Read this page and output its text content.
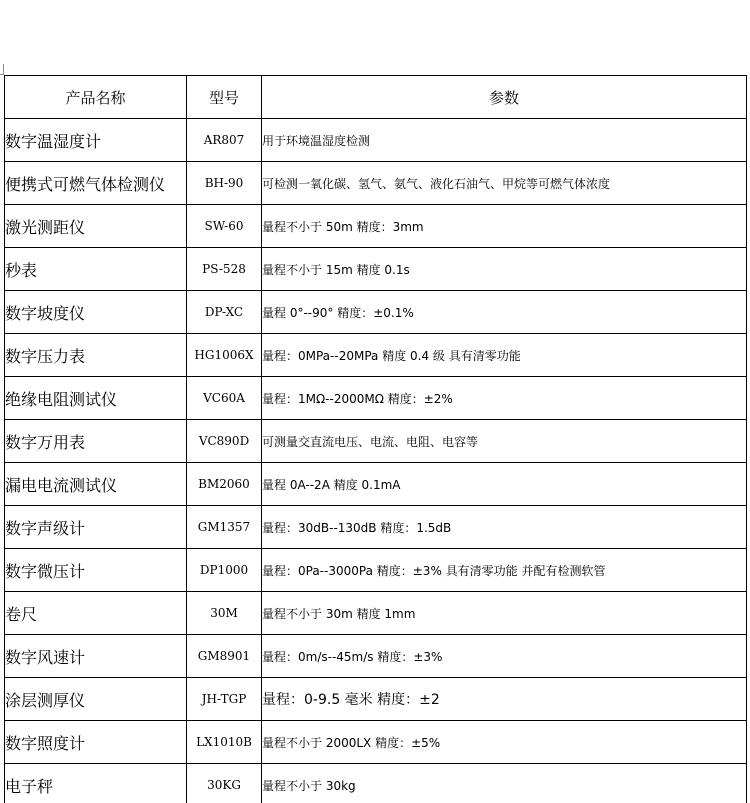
产品名称	型号	参数
数字温湿度计	AR807	用于环境温湿度检测
便携式可燃气体检测仪	BH-90	可检测一氧化碳、氢气、氨气、液化石油气、甲烷等可燃气体浓度
激光测距仪	SW-60	量程不小于 50m 精度：3mm
秒表	PS-528	量程不小于 15m 精度 0.1s
数字坡度仪	DP-XC	量程 0°--90° 精度：±0.1%
数字压力表	HG1006X	量程：0MPa--20MPa 精度 0.4 级 具有清零功能
绝缘电阻测试仪	VC60A	量程：1MΩ--2000MΩ 精度：±2%
数字万用表	VC890D	可测量交直流电压、电流、电阻、电容等
漏电电流测试仪	BM2060	量程 0A--2A 精度 0.1mA
数字声级计	GM1357	量程：30dB--130dB 精度：1.5dB
数字微压计	DP1000	量程：0Pa--3000Pa 精度：±3% 具有清零功能 并配有检测软管
卷尺	30M	量程不小于 30m 精度 1mm
数字风速计	GM8901	量程：0m/s--45m/s 精度：±3%
涂层测厚仪	JH-TGP	量程：0-9.5 毫米 精度：±2
数字照度计	LX1010B	量程不小于 2000LX 精度：±5%
电子秤	30KG	量程不小于 30kg
